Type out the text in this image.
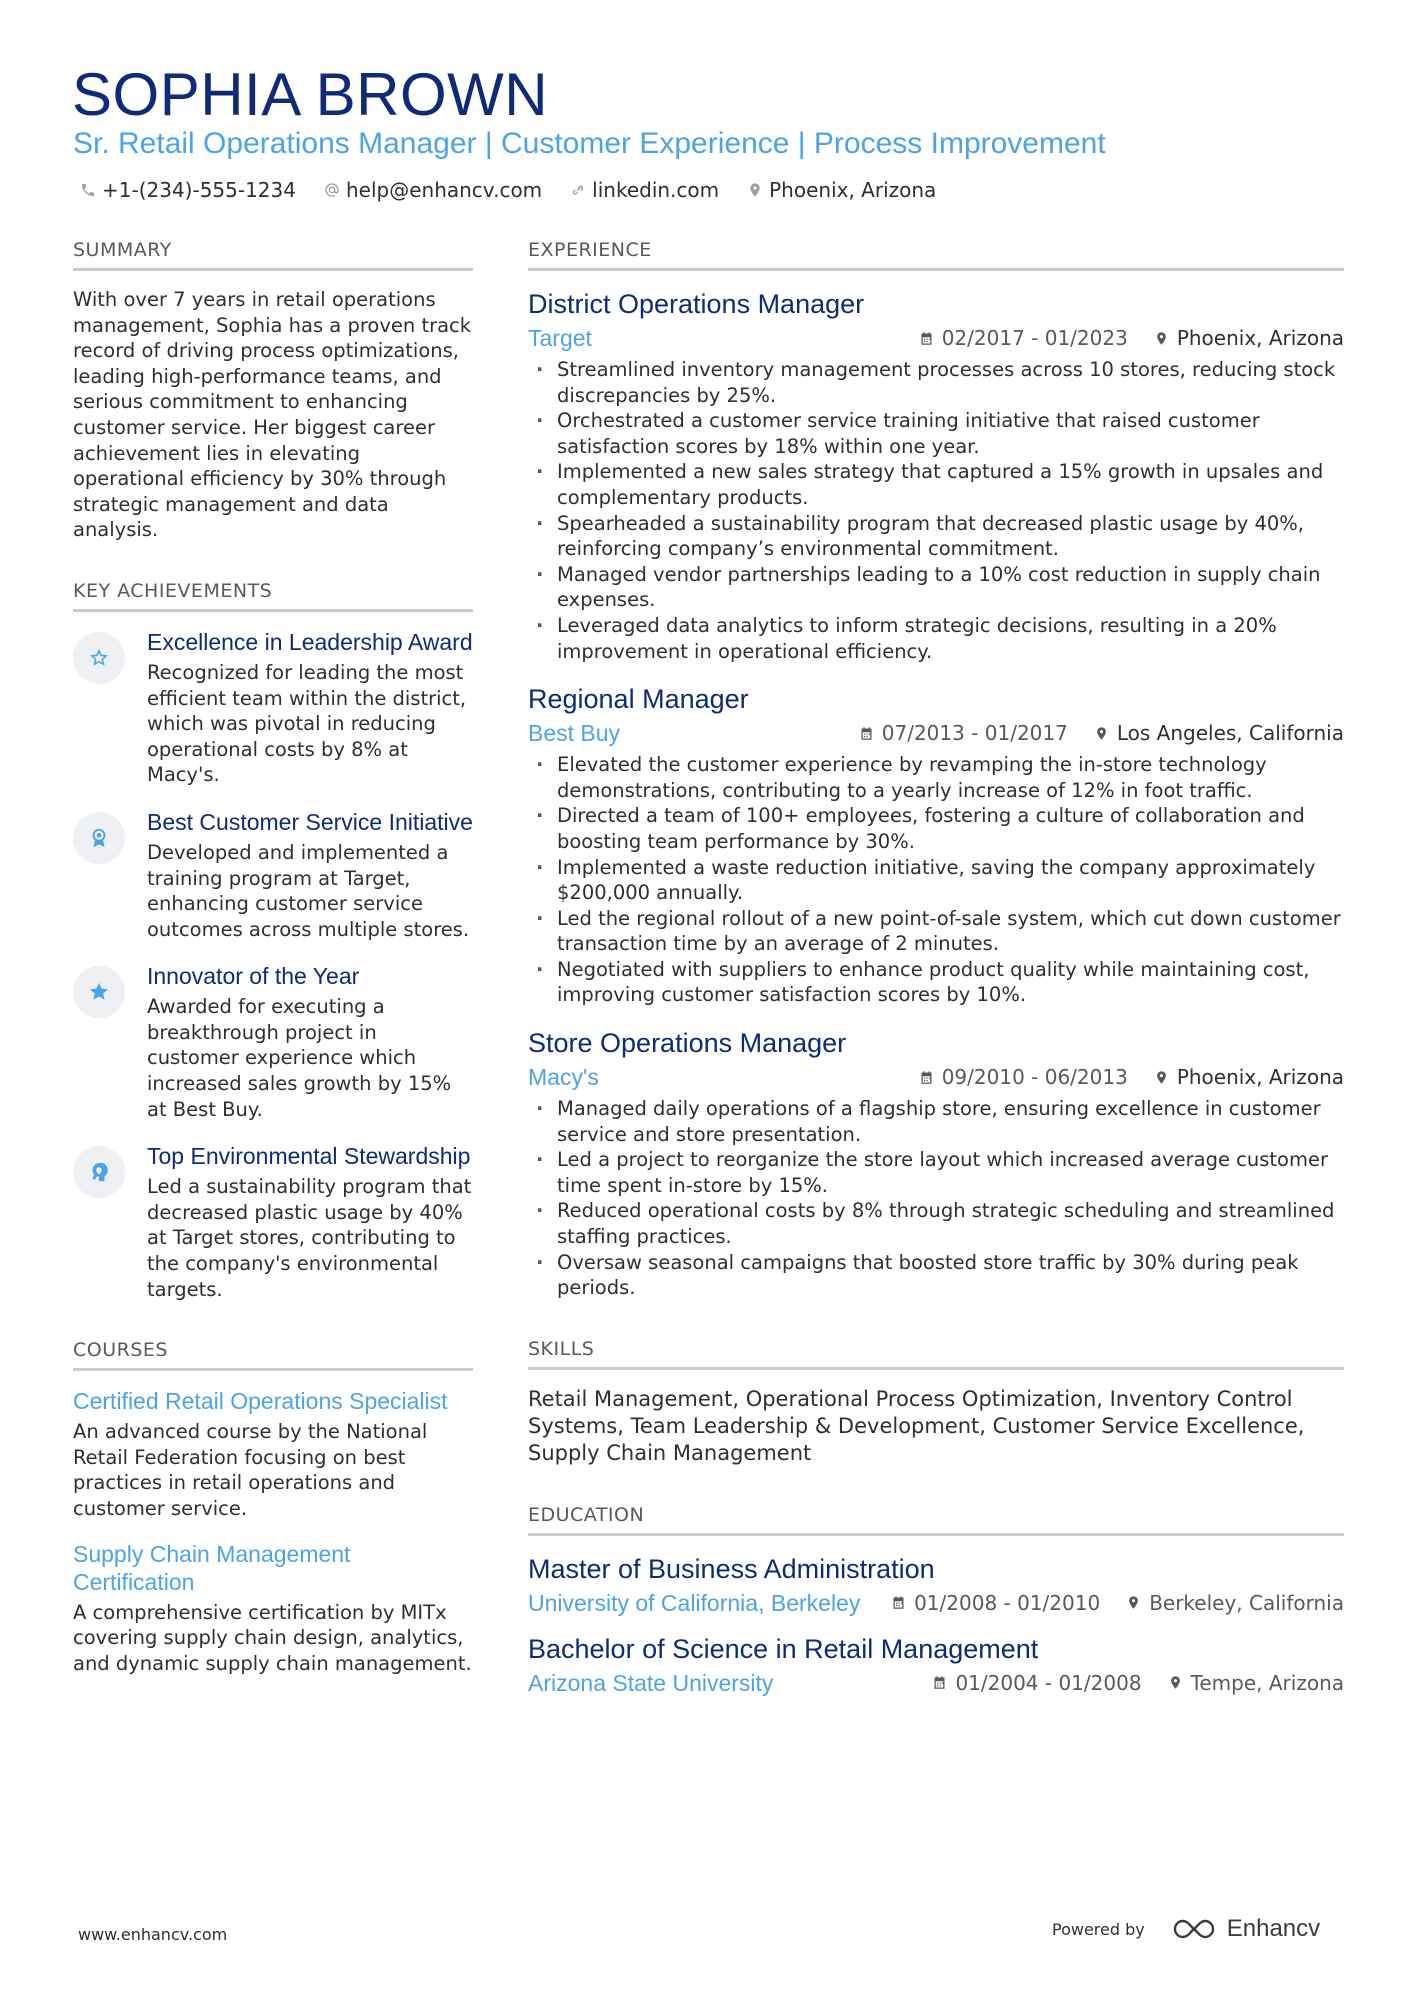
SOPHIA BROWN
Sr. Retail Operations Manager | Customer Experience | Process Improvement
+1-(234)-555-1234	help@enhancv.com	linkedin.com	Phoenix, Arizona
SUMMARY

With over 7 years in retail operations management, Sophia has a proven track record of driving process optimizations, leading high-performance teams, and serious commitment to enhancing customer service. Her biggest career achievement lies in elevating operational efficiency by 30% through strategic management and data analysis.

KEY ACHIEVEMENTS
Excellence in Leadership Award
Recognized for leading the most efficient team within the district, which was pivotal in reducing operational costs by 8% at Macy's.
Best Customer Service Initiative
Developed and implemented a training program at Target, enhancing customer service outcomes across multiple stores.
Innovator of the Year
Awarded for executing a breakthrough project in customer experience which increased sales growth by 15% at Best Buy.
Top Environmental Stewardship
Led a sustainability program that decreased plastic usage by 40% at Target stores, contributing to the company's environmental targets.
COURSES
Certified Retail Operations Specialist
An advanced course by the National Retail Federation focusing on best practices in retail operations and customer service.
Supply Chain Management Certification
A comprehensive certification by MITx covering supply chain design, analytics, and dynamic supply chain management.
EXPERIENCE
District Operations Manager
Target	02/2017 - 01/2023 Phoenix, Arizona
· Streamlined inventory management processes across 10 stores, reducing stock discrepancies by 25%.
· Orchestrated a customer service training initiative that raised customer satisfaction scores by 18% within one year.
· Implemented a new sales strategy that captured a 15% growth in upsales and complementary products.
· Spearheaded a sustainability program that decreased plastic usage by 40%, reinforcing company’s environmental commitment.
· Managed vendor partnerships leading to a 10% cost reduction in supply chain expenses.
· Leveraged data analytics to inform strategic decisions, resulting in a 20% improvement in operational efficiency.
Regional Manager
Best Buy	07/2013 - 01/2017 Los Angeles, California
· Elevated the customer experience by revamping the in-store technology demonstrations, contributing to a yearly increase of 12% in foot traffic.
· Directed a team of 100+ employees, fostering a culture of collaboration and boosting team performance by 30%.
· Implemented a waste reduction initiative, saving the company approximately $200,000 annually.
· Led the regional rollout of a new point-of-sale system, which cut down customer transaction time by an average of 2 minutes.
· Negotiated with suppliers to enhance product quality while maintaining cost, improving customer satisfaction scores by 10%.
Store Operations Manager
Macy's	09/2010 - 06/2013 Phoenix, Arizona
· Managed daily operations of a flagship store, ensuring excellence in customer service and store presentation.
· Led a project to reorganize the store layout which increased average customer time spent in-store by 15%.
· Reduced operational costs by 8% through strategic scheduling and streamlined staffing practices.
· Oversaw seasonal campaigns that boosted store traffic by 30% during peak periods.
SKILLS

Retail Management, Operational Process Optimization, Inventory Control Systems, Team Leadership & Development, Customer Service Excellence, Supply Chain Management

EDUCATION
Master of Business Administration
University of California, Berkeley	01/2008 - 01/2010 Berkeley, California
Bachelor of Science in Retail Management
Arizona State University	01/2004 - 01/2008 Tempe, Arizona
www.enhancv.com	Powered by	Enhancv
